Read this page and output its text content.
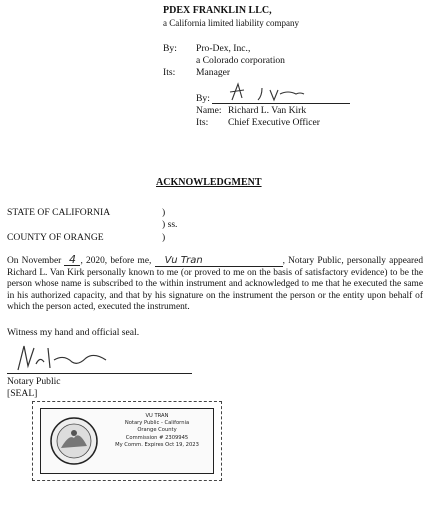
PDEX FRANKLIN LLC,
a California limited liability company
By: Pro-Dex, Inc.,
a Colorado corporation
Its: Manager
By:
Name: Richard L. Van Kirk
Its: Chief Executive Officer
ACKNOWLEDGMENT
STATE OF CALIFORNIA
COUNTY OF ORANGE
)
) ss.
)
On November 4 , 2020, before me, Vu Tran	, Notary Public, personally appeared Richard L. Van Kirk personally known to me (or proved to me on the basis of satisfactory evidence) to be the person whose name is subscribed to the within instrument and acknowledged to me that he executed the same in his authorized capacity, and that by his signature on the instrument the person or the entity upon behalf of which the person acted, executed the instrument.
Witness my hand and official seal.
Notary Public
[SEAL]
VU TRAN
Notary Public - California
Orange County
Commission # 2309945
My Comm. Expires Oct 19, 2023
